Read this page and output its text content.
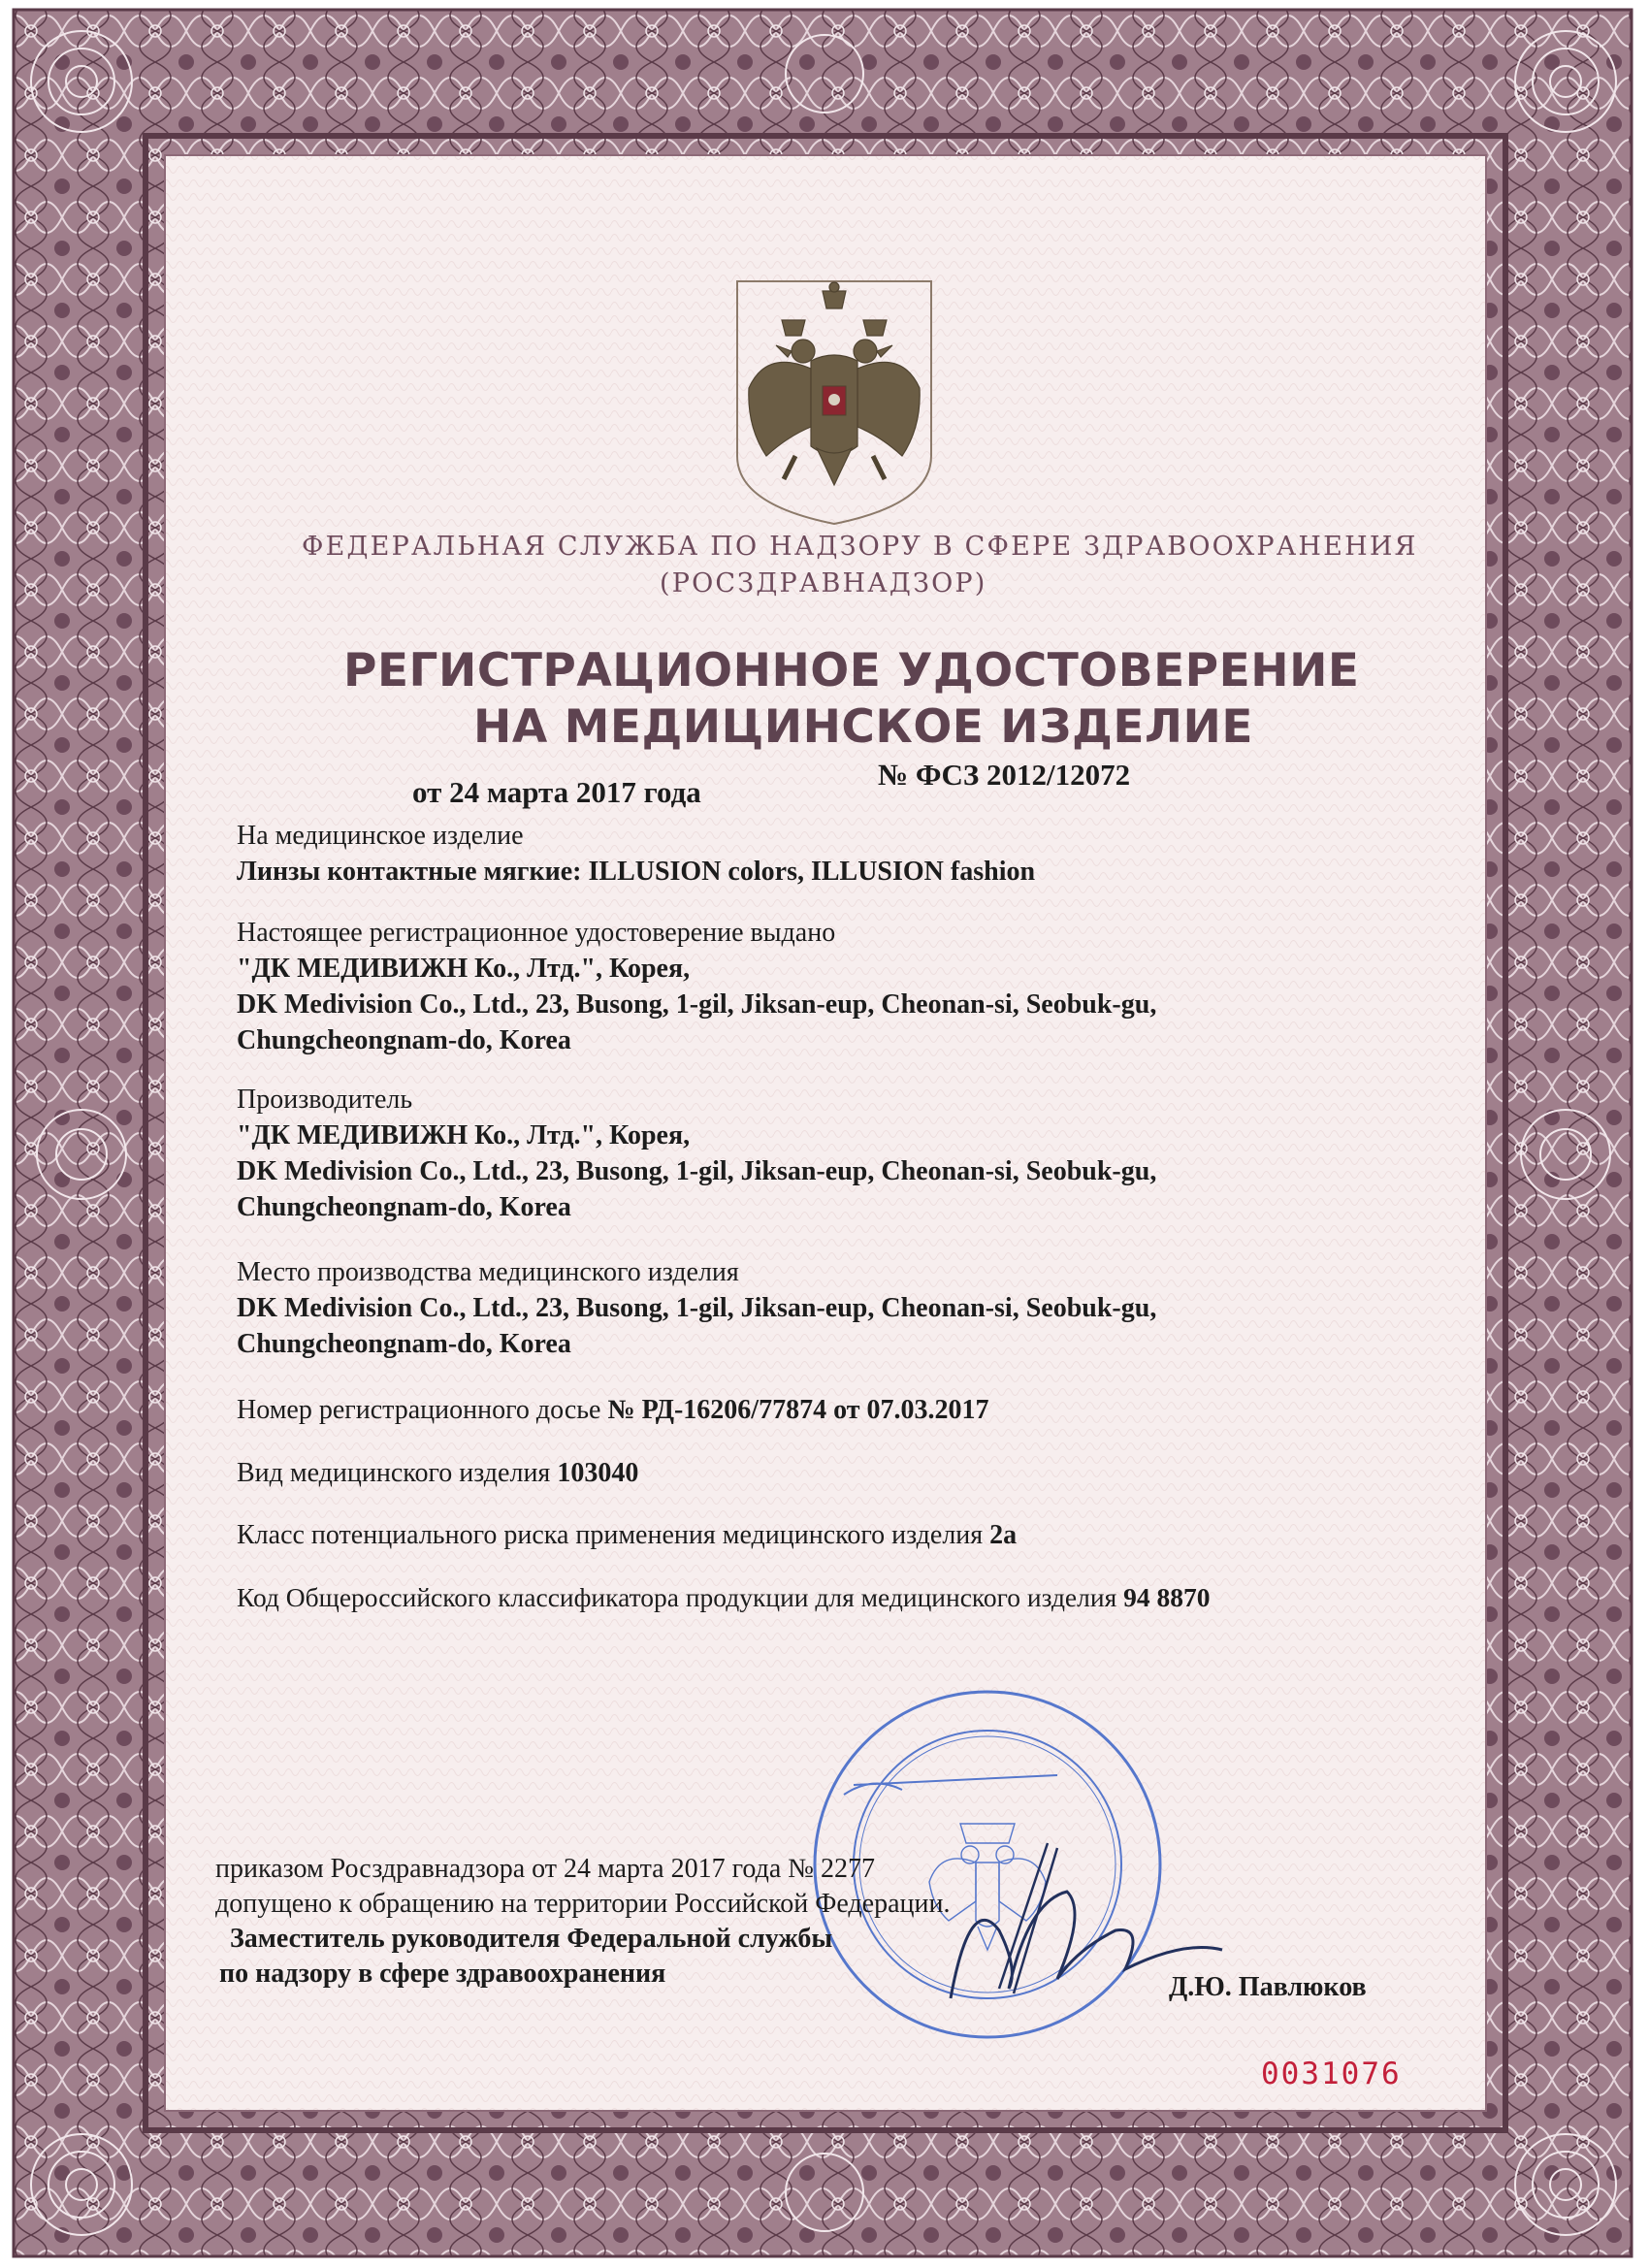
ФЕДЕРАЛЬНАЯ СЛУЖБА ПО НАДЗОРУ В СФЕРЕ ЗДРАВООХРАНЕНИЯ
(РОСЗДРАВНАДЗОР)
РЕГИСТРАЦИОННОЕ УДОСТОВЕРЕНИЕ
НА МЕДИЦИНСКОЕ ИЗДЕЛИЕ
№ ФСЗ 2012/12072
от 24 марта 2017 года
На медицинское изделие
Линзы контактные мягкие: ILLUSION colors, ILLUSION fashion
Настоящее регистрационное удостоверение выдано
"ДК МЕДИВИЖН Ко., Лтд.", Корея,
DK Medivision Co., Ltd., 23, Busong, 1-gil, Jiksan-eup, Cheonan-si, Seobuk-gu,
Chungcheongnam-do, Korea
Производитель
"ДК МЕДИВИЖН Ко., Лтд.", Корея,
DK Medivision Co., Ltd., 23, Busong, 1-gil, Jiksan-eup, Cheonan-si, Seobuk-gu,
Chungcheongnam-do, Korea
Место производства медицинского изделия
DK Medivision Co., Ltd., 23, Busong, 1-gil, Jiksan-eup, Cheonan-si, Seobuk-gu,
Chungcheongnam-do, Korea
Номер регистрационного досье № РД-16206/77874 от 07.03.2017
Вид медицинского изделия 103040
Класс потенциального риска применения медицинского изделия 2а
Код Общероссийского классификатора продукции для медицинского изделия 94 8870
приказом Росздравнадзора от 24 марта 2017 года № 2277
допущено к обращению на территории Российской Федерации.
Заместитель руководителя Федеральной службы
по надзору в сфере здравоохранения	Д.Ю. Павлюков
0031076
